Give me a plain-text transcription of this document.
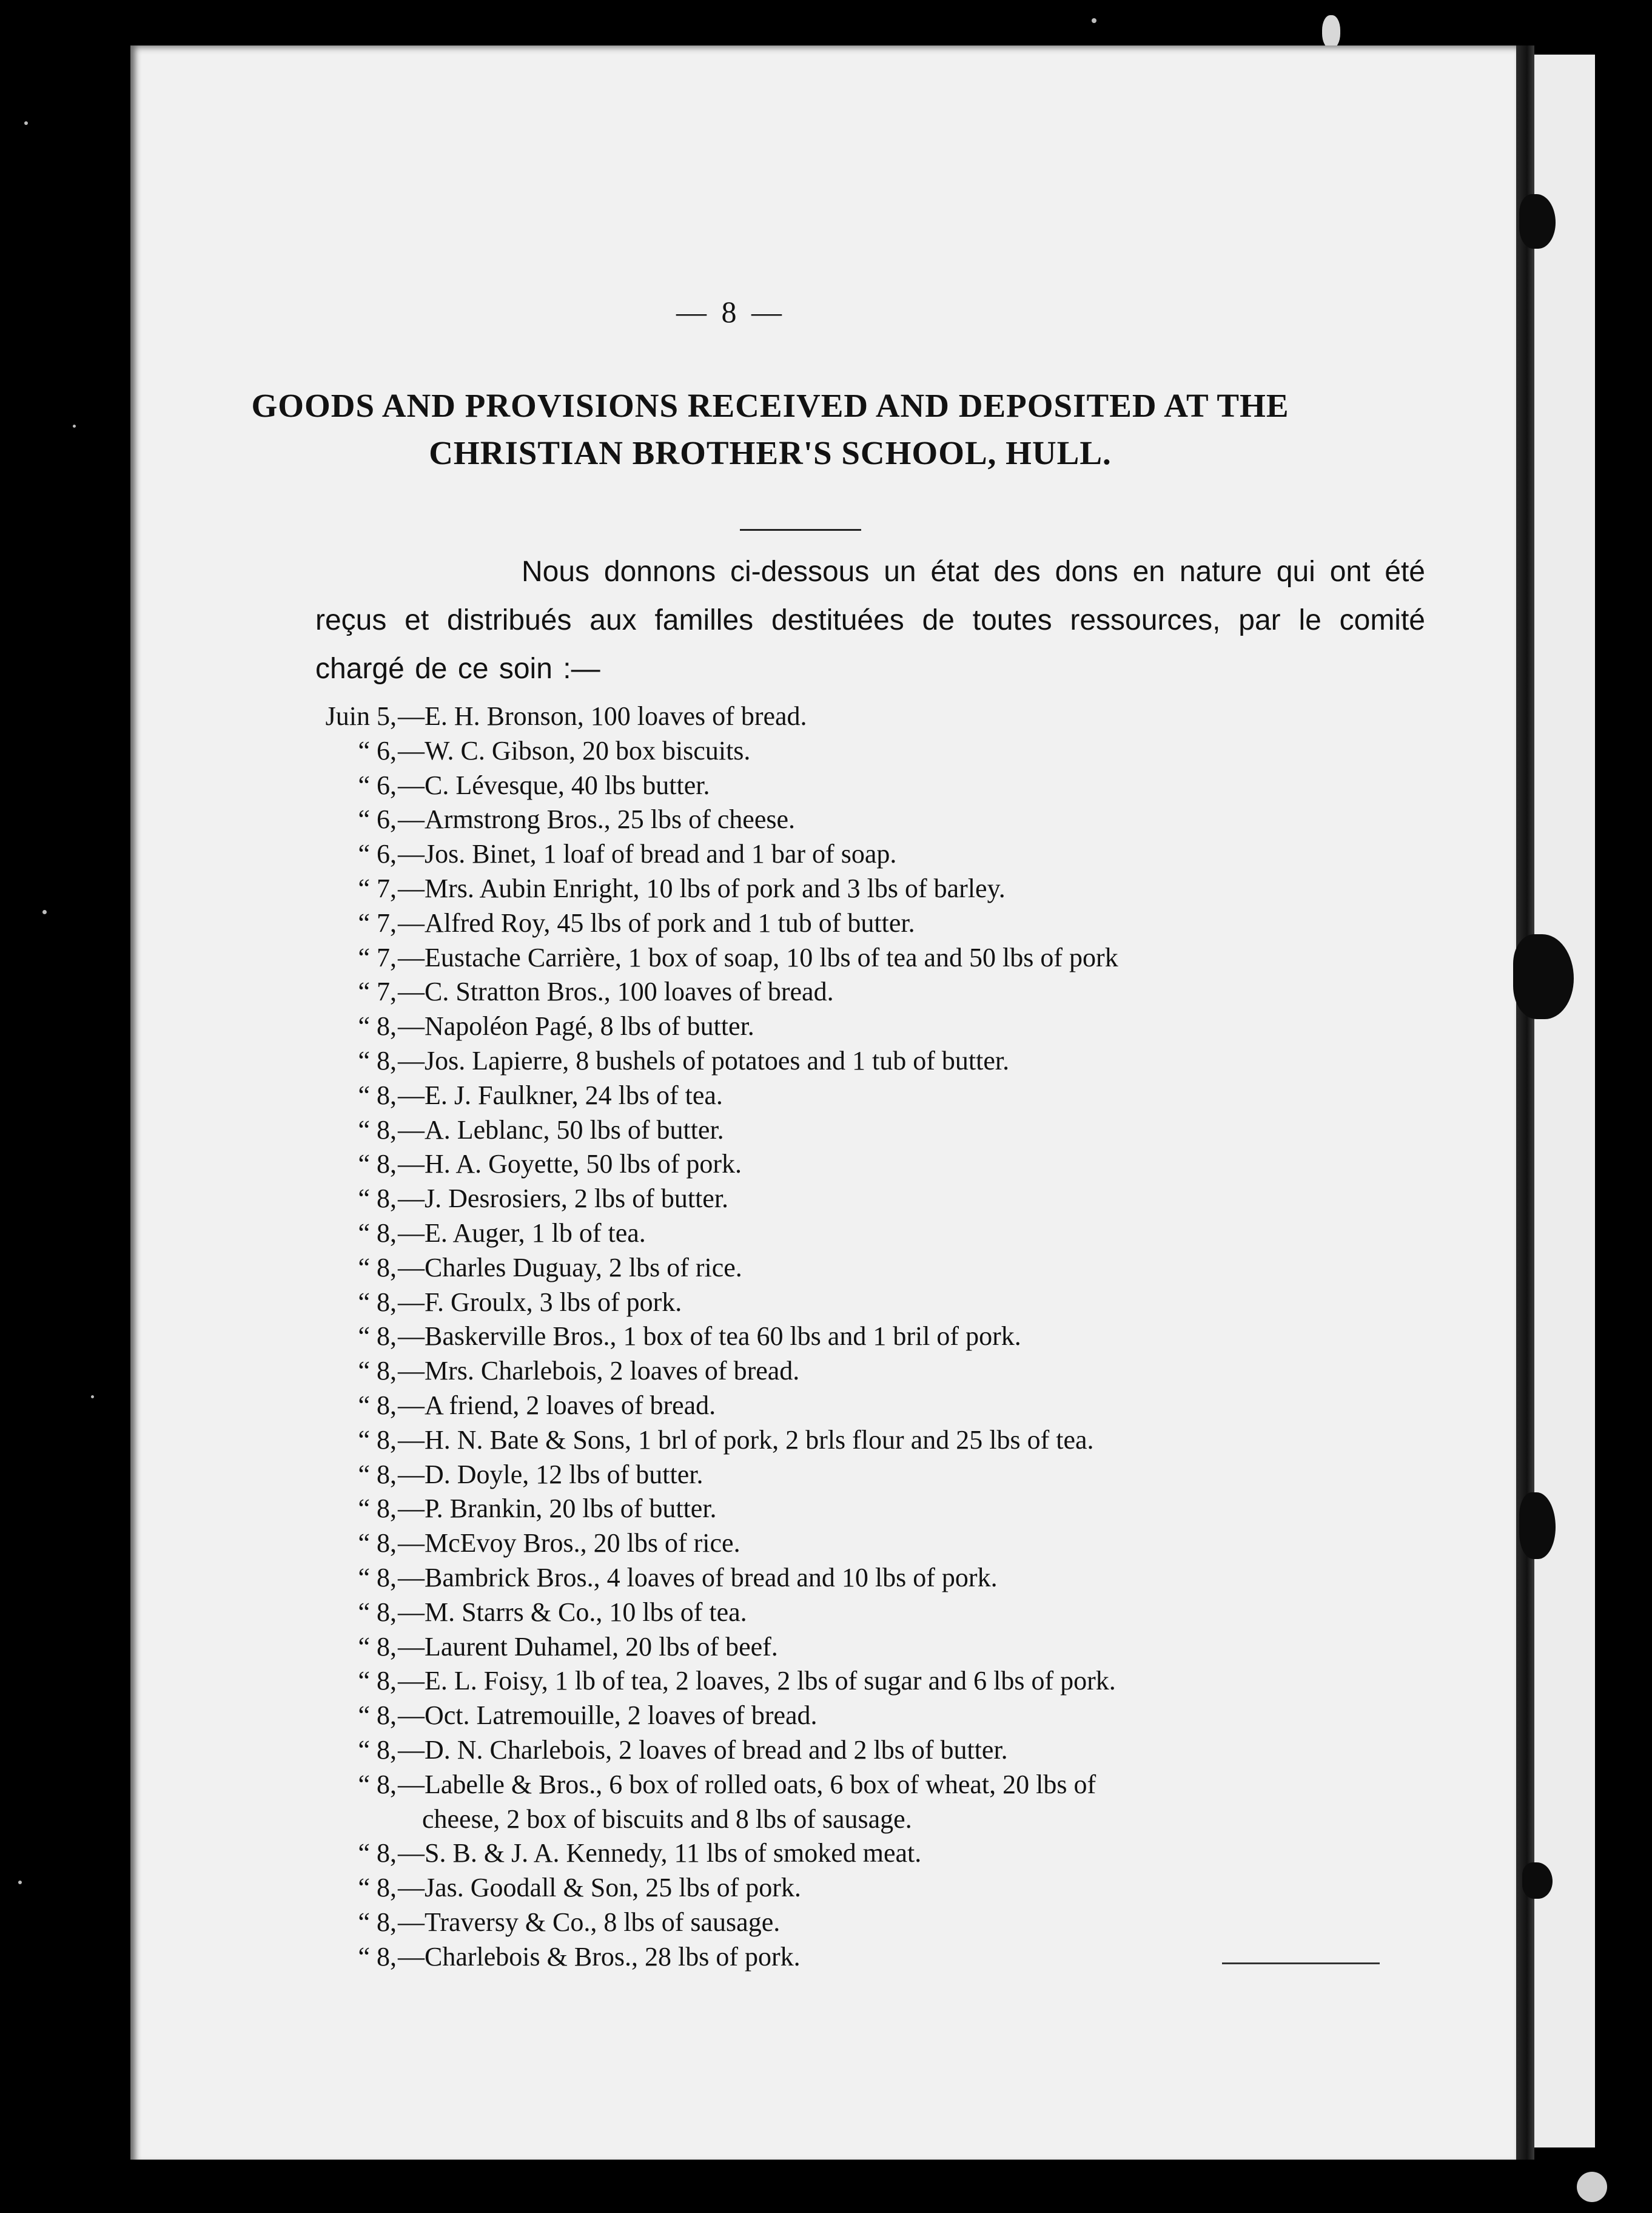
— 8 —
GOODS AND PROVISIONS RECEIVED AND DEPOSITED AT THE
CHRISTIAN BROTHER'S SCHOOL, HULL.

Nous donnons ci-dessous un état des dons en nature qui ont été reçus et distribués aux familles destituées de toutes ressources, par le comité chargé de ce soin :—

Juin 5, —E. H. Bronson, 100 loaves of bread.
“ 6, —W. C. Gibson, 20 box biscuits.
“ 6, —C. Lévesque, 40 lbs butter.
“ 6, —Armstrong Bros., 25 lbs of cheese.
“ 6, —Jos. Binet, 1 loaf of bread and 1 bar of soap.
“ 7, —Mrs. Aubin Enright, 10 lbs of pork and 3 lbs of barley.
“ 7, —Alfred Roy, 45 lbs of pork and 1 tub of butter.
“ 7, —Eustache Carrière, 1 box of soap, 10 lbs of tea and 50 lbs of pork
“ 7, —C. Stratton Bros., 100 loaves of bread.
“ 8, —Napoléon Pagé, 8 lbs of butter.
“ 8, —Jos. Lapierre, 8 bushels of potatoes and 1 tub of butter.
“ 8, —E. J. Faulkner, 24 lbs of tea.
“ 8, —A. Leblanc, 50 lbs of butter.
“ 8, —H. A. Goyette, 50 lbs of pork.
“ 8, —J. Desrosiers, 2 lbs of butter.
“ 8, —E. Auger, 1 lb of tea.
“ 8, —Charles Duguay, 2 lbs of rice.
“ 8, —F. Groulx, 3 lbs of pork.
“ 8, —Baskerville Bros., 1 box of tea 60 lbs and 1 bril of pork.
“ 8, —Mrs. Charlebois, 2 loaves of bread.
“ 8, —A friend, 2 loaves of bread.
“ 8, —H. N. Bate & Sons, 1 brl of pork, 2 brls flour and 25 lbs of tea.
“ 8, —D. Doyle, 12 lbs of butter.
“ 8, —P. Brankin, 20 lbs of butter.
“ 8, —McEvoy Bros., 20 lbs of rice.
“ 8, —Bambrick Bros., 4 loaves of bread and 10 lbs of pork.
“ 8, —M. Starrs & Co., 10 lbs of tea.
“ 8, —Laurent Duhamel, 20 lbs of beef.
“ 8, —E. L. Foisy, 1 lb of tea, 2 loaves, 2 lbs of sugar and 6 lbs of pork.
“ 8, —Oct. Latremouille, 2 loaves of bread.
“ 8, —D. N. Charlebois, 2 loaves of bread and 2 lbs of butter.
“ 8, —Labelle & Bros., 6 box of rolled oats, 6 box of wheat, 20 lbs of
cheese, 2 box of biscuits and 8 lbs of sausage.
“ 8, —S. B. & J. A. Kennedy, 11 lbs of smoked meat.
“ 8, —Jas. Goodall & Son, 25 lbs of pork.
“ 8, —Traversy & Co., 8 lbs of sausage.
“ 8, —Charlebois & Bros., 28 lbs of pork.
